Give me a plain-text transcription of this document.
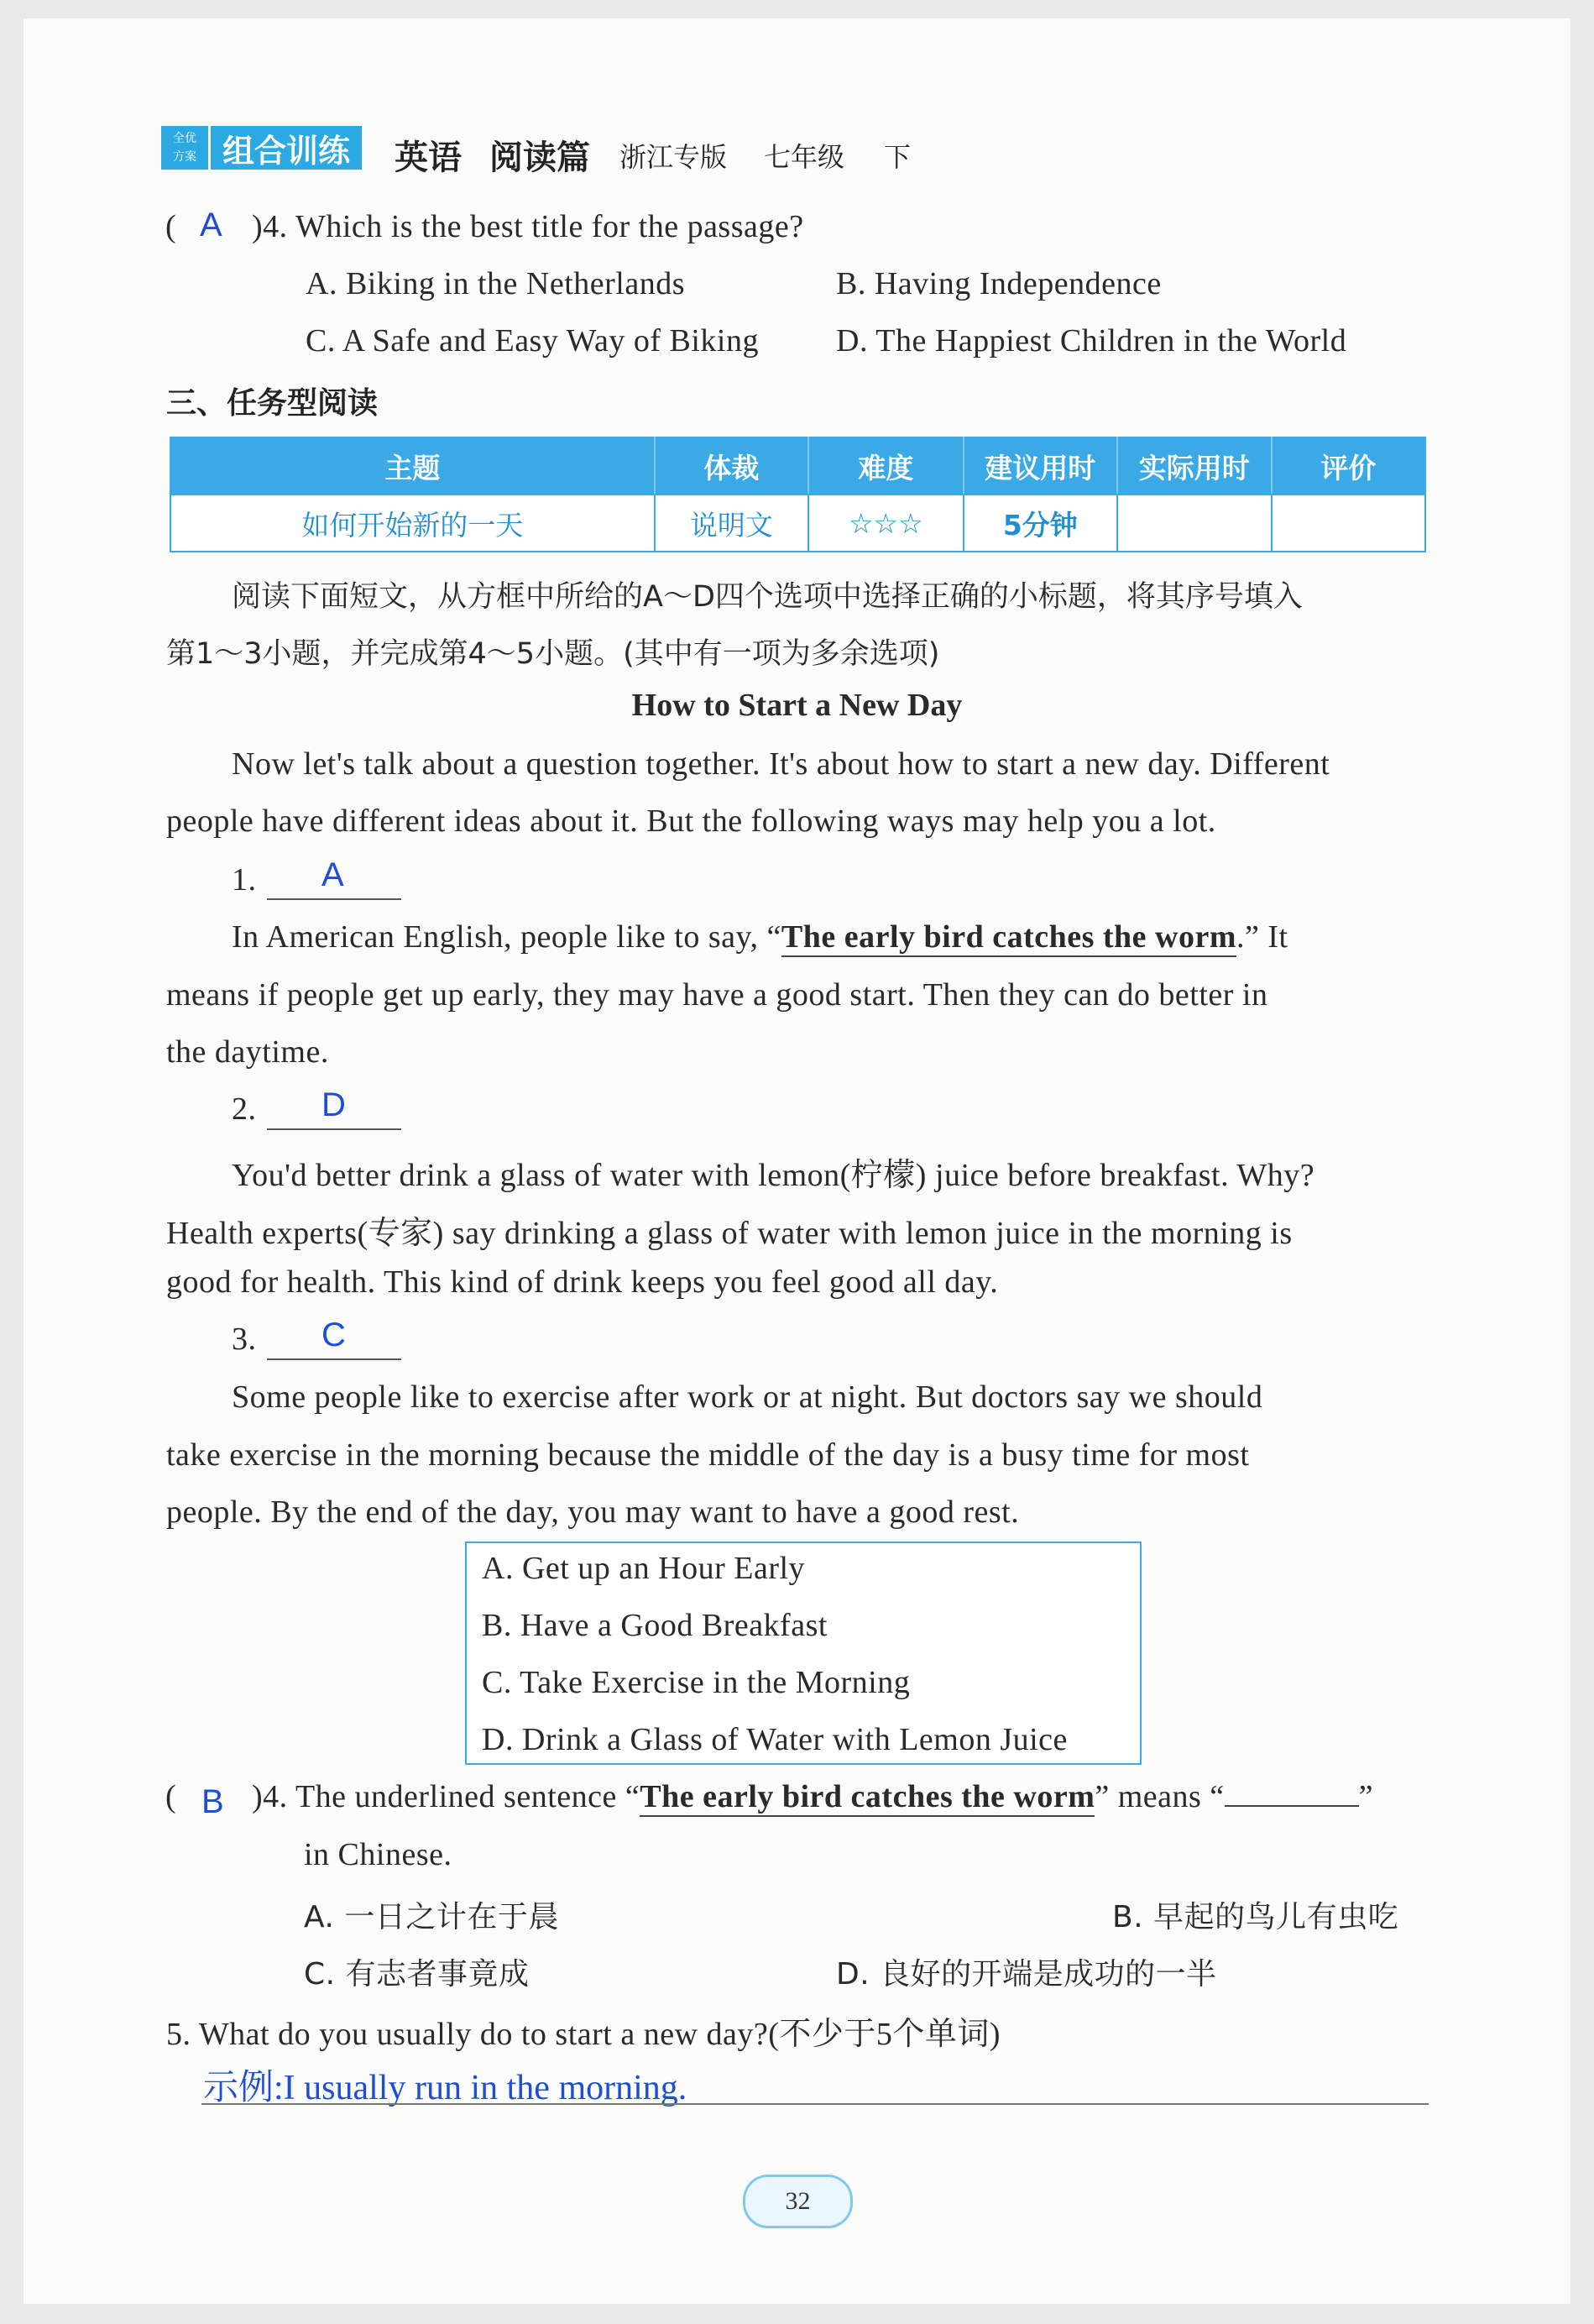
全优
方案 组合训练	英语 阅读篇 浙江专版 七年级 下
( A )4. Which is the best title for the passage?
A. Biking in the Netherlands	B. Having Independence
C. A Safe and Easy Way of Biking D. The Happiest Children in the World
三、任务型阅读
主题	体裁	难度	建议用时	实际用时	评价
如何开始新的一天	说明文	☆☆☆	5分钟		
阅读下面短文，从方框中所给的A～D四个选项中选择正确的小标题，将其序号填入
第1～3小题，并完成第4～5小题。(其中有一项为多余选项)
How to Start a New Day
Now let's talk about a question together. It's about how to start a new day. Different
people have different ideas about it. But the following ways may help you a lot.
1. A
In American English, people like to say, “The early bird catches the worm.” It
means if people get up early, they may have a good start. Then they can do better in
the daytime.
2. D
You'd better drink a glass of water with lemon(柠檬) juice before breakfast. Why?
Health experts(专家) say drinking a glass of water with lemon juice in the morning is
good for health. This kind of drink keeps you feel good all day.
3. C
Some people like to exercise after work or at night. But doctors say we should
take exercise in the morning because the middle of the day is a busy time for most
people. By the end of the day, you may want to have a good rest.
A. Get up an Hour Early
B. Have a Good Breakfast
C. Take Exercise in the Morning
D. Drink a Glass of Water with Lemon Juice
( B )4. The underlined sentence “The early bird catches the worm” means “	”
in Chinese.
A. 一日之计在于晨	B. 早起的鸟儿有虫吃
C. 有志者事竟成	D. 良好的开端是成功的一半
5. What do you usually do to start a new day?(不少于5个单词)
示例:I usually run in the morning.
32
